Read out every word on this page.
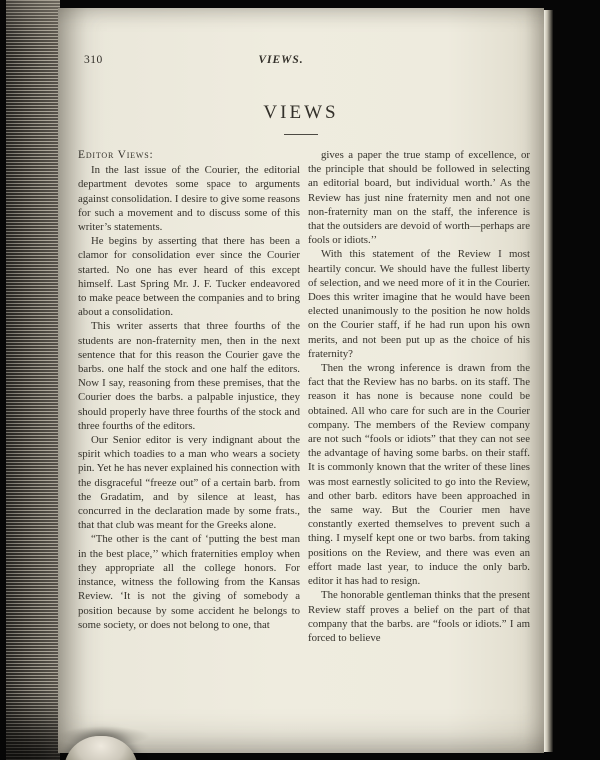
310	VIEWS.
VIEWS
Editor Views:

In the last issue of the Courier, the editorial department devotes some space to arguments against consolidation. I desire to give some reasons for such a movement and to discuss some of this writer’s statements.

He begins by asserting that there has been a clamor for consolidation ever since the Courier started. No one has ever heard of this except himself. Last Spring Mr. J. F. Tucker endeavored to make peace between the companies and to bring about a consolidation.

This writer asserts that three fourths of the students are non-fraternity men, then in the next sentence that for this reason the Courier gave the barbs. one half the stock and one half the editors. Now I say, reasoning from these premises, that the Courier does the barbs. a palpable injustice, they should properly have three fourths of the stock and three fourths of the editors.

Our Senior editor is very indignant about the spirit which toadies to a man who wears a society pin. Yet he has never explained his connection with the disgraceful “freeze out” of a certain barb. from the Gradatim, and by silence at least, has concurred in the declaration made by some frats., that that club was meant for the Greeks alone.

“The other is the cant of ‘putting the best man in the best place,’’ which fraternities employ when they appropriate all the college honors. For instance, witness the following from the Kansas Review. ‘It is not the giving of somebody a position because by some accident he belongs to some society, or does not belong to one, that

gives a paper the true stamp of excellence, or the principle that should be followed in selecting an editorial board, but individual worth.’ As the Review has just nine fraternity men and not one non-fraternity man on the staff, the inference is that the outsiders are devoid of worth—perhaps are fools or idiots.’’

With this statement of the Review I most heartily concur. We should have the fullest liberty of selection, and we need more of it in the Courier. Does this writer imagine that he would have been elected unanimously to the position he now holds on the Courier staff, if he had run upon his own merits, and not been put up as the choice of his fraternity?

Then the wrong inference is drawn from the fact that the Review has no barbs. on its staff. The reason it has none is because none could be obtained. All who care for such are in the Courier company. The members of the Review company are not such “fools or idiots” that they can not see the advantage of having some barbs. on their staff. It is commonly known that the writer of these lines was most earnestly solicited to go into the Review, and other barb. editors have been approached in the same way. But the Courier men have constantly exerted themselves to prevent such a thing. I myself kept one or two barbs. from taking positions on the Review, and there was even an effort made last year, to induce the only barb. editor it has had to resign.

The honorable gentleman thinks that the present Review staff proves a belief on the part of that company that the barbs. are “fools or idiots.” I am forced to believe
